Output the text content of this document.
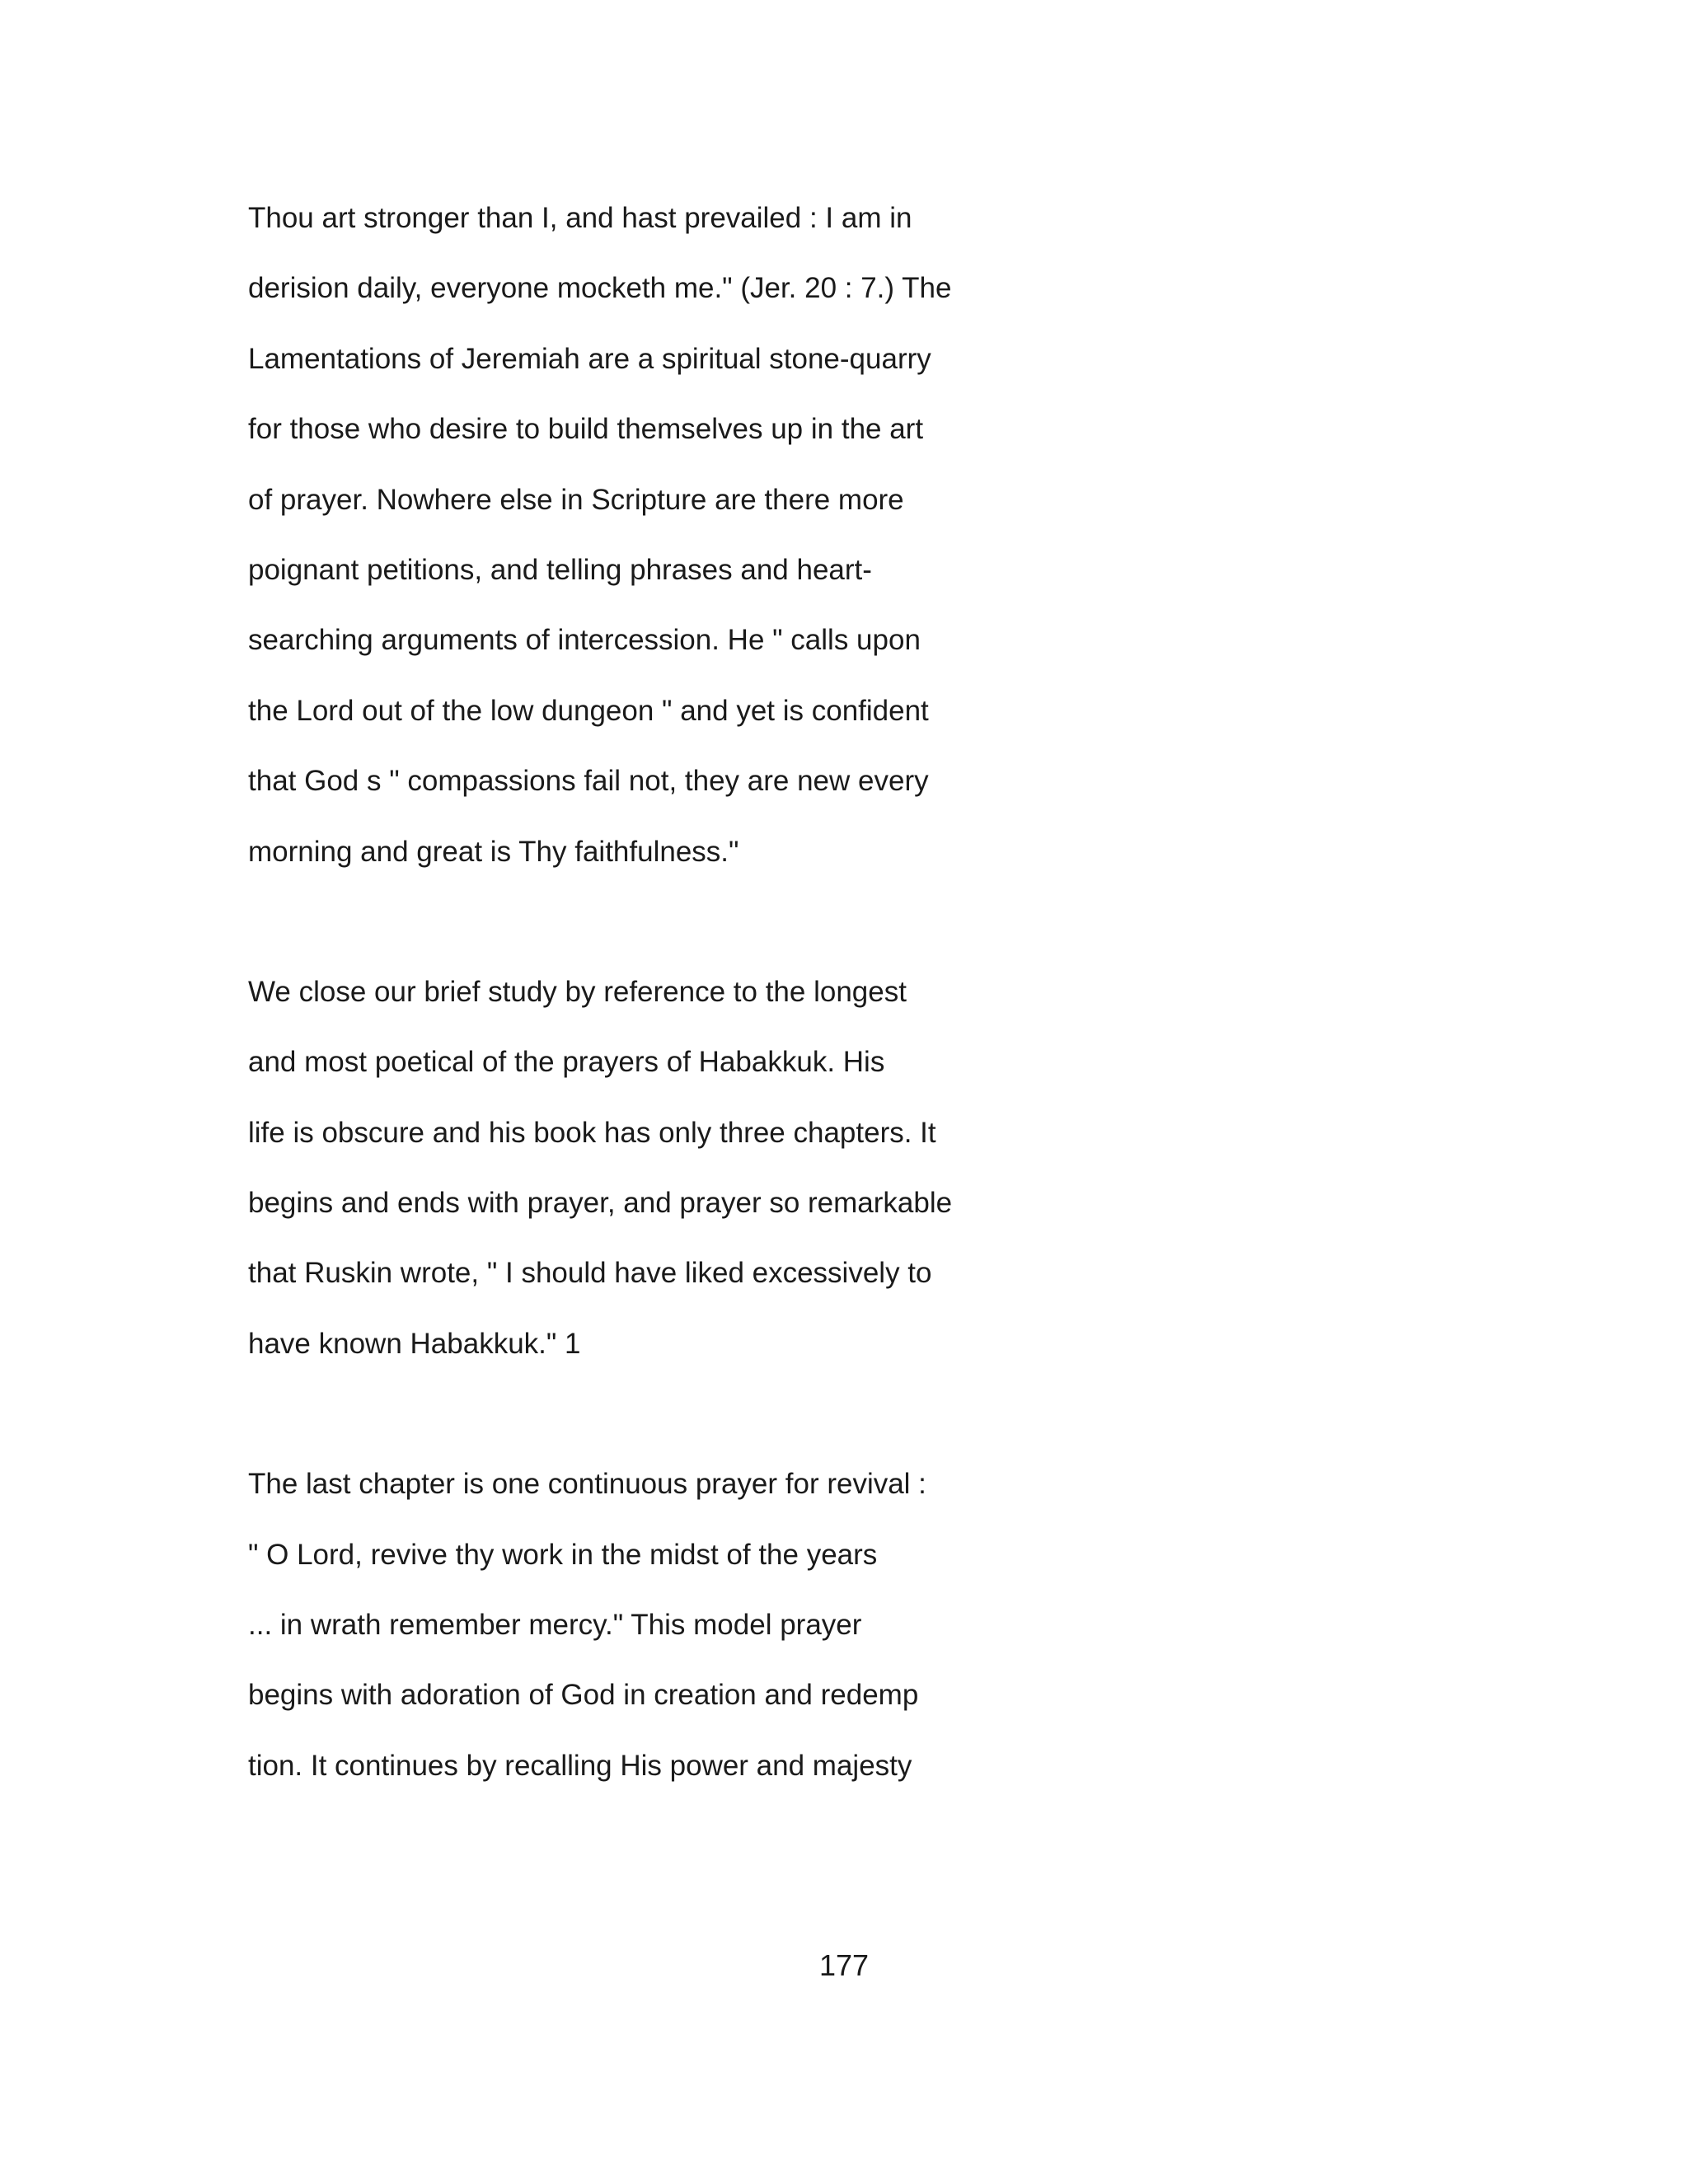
Thou art stronger than I, and hast prevailed : I am in
derision daily, everyone mocketh me." (Jer. 20 : 7.) The
Lamentations of Jeremiah are a spiritual stone-quarry
for those who desire to build themselves up in the art
of prayer. Nowhere else in Scripture are there more
poignant petitions, and telling phrases and heart-
searching arguments of intercession. He " calls upon
the Lord out of the low dungeon " and yet is confident
that God s " compassions fail not, they are new every
morning and great is Thy faithfulness."

We close our brief study by reference to the longest
and most poetical of the prayers of Habakkuk. His
life is obscure and his book has only three chapters. It
begins and ends with prayer, and prayer so remarkable
that Ruskin wrote, " I should have liked excessively to
have known Habakkuk." 1

The last chapter is one continuous prayer for revival :
" O Lord, revive thy work in the midst of the years
... in wrath remember mercy." This model prayer
begins with adoration of God in creation and redemp
tion. It continues by recalling His power and majesty

177
